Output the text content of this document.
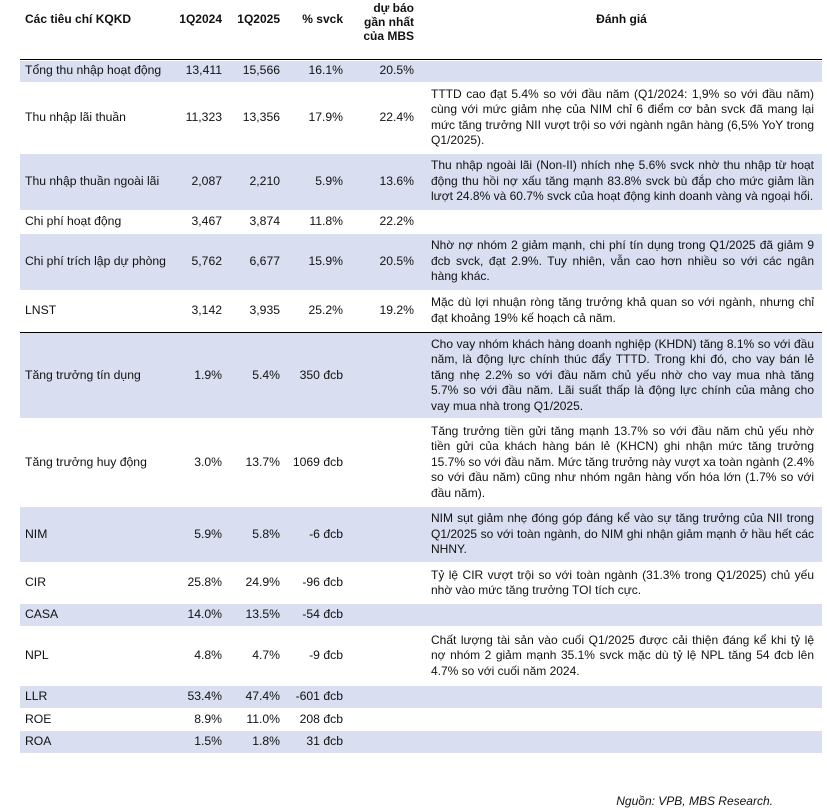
Các tiêu chí KQKD	1Q2024	1Q2025	% svck	dự báo
gần nhất
của MBS	Đánh giá

Tổng thu nhập hoạt động	13,411	15,566	16.1%	20.5%	

Thu nhập lãi thuần	11,323	13,356	17.9%	22.4%	TTTD cao đạt 5.4% so với đầu năm (Q1/2024: 1,9% so với đầu năm) cùng với mức giảm nhẹ của NIM chỉ 6 điểm cơ bản svck đã mang lại mức tăng trưởng NII vượt trội so với ngành ngân hàng (6,5% YoY trong Q1/2025).

Thu nhập thuần ngoài lãi	2,087	2,210	5.9%	13.6%	Thu nhập ngoài lãi (Non-II) nhích nhẹ 5.6% svck nhờ thu nhập từ hoạt động thu hồi nợ xấu tăng mạnh 83.8% svck bù đắp cho mức giảm lần lượt 24.8% và 60.7% svck của hoạt động kinh doanh vàng và ngoại hối.

Chi phí hoạt động	3,467	3,874	11.8%	22.2%	

Chi phí trích lập dự phòng	5,762	6,677	15.9%	20.5%	Nhờ nợ nhóm 2 giảm mạnh, chi phí tín dụng trong Q1/2025 đã giảm 9 đcb svck, đạt 2.9%. Tuy nhiên, vẫn cao hơn nhiều so với các ngân hàng khác.

LNST	3,142	3,935	25.2%	19.2%	Mặc dù lợi nhuận ròng tăng trưởng khả quan so với ngành, nhưng chỉ đạt khoảng 19% kế hoạch cả năm.

Tăng trưởng tín dụng	1.9%	5.4%	350 đcb		Cho vay nhóm khách hàng doanh nghiệp (KHDN) tăng 8.1% so với đầu năm, là động lực chính thúc đẩy TTTD. Trong khi đó, cho vay bán lẻ tăng nhẹ 2.2% so với đầu năm chủ yếu nhờ cho vay mua nhà tăng 5.7% so với đầu năm. Lãi suất thấp là động lực chính của mảng cho vay mua nhà trong Q1/2025.

Tăng trưởng huy động	3.0%	13.7%	1069 đcb		Tăng trưởng tiền gửi tăng mạnh 13.7% so với đầu năm chủ yếu nhờ tiền gửi của khách hàng bán lẻ (KHCN) ghi nhận mức tăng trưởng 15.7% so với đầu năm. Mức tăng trưởng này vượt xa toàn ngành (2.4% so với đầu năm) cũng như nhóm ngân hàng vốn hóa lớn (1.7% so với đầu năm).

NIM	5.9%	5.8%	-6 đcb		NIM sụt giảm nhẹ đóng góp đáng kể vào sự tăng trưởng của NII trong Q1/2025 so với toàn ngành, do NIM ghi nhận giảm mạnh ở hầu hết các NHNY.

CIR	25.8%	24.9%	-96 đcb		Tỷ lệ CIR vượt trội so với toàn ngành (31.3% trong Q1/2025) chủ yếu nhờ vào mức tăng trưởng TOI tích cực.

CASA	14.0%	13.5%	-54 đcb		

NPL	4.8%	4.7%	-9 đcb		Chất lượng tài sản vào cuối Q1/2025 được cải thiện đáng kể khi tỷ lệ nợ nhóm 2 giảm mạnh 35.1% svck mặc dù tỷ lệ NPL tăng 54 đcb lên 4.7% so với cuối năm 2024.

LLR	53.4%	47.4%	-601 đcb		

ROE	8.9%	11.0%	208 đcb		

ROA	1.5%	1.8%	31 đcb		
Nguồn: VPB, MBS Research.
